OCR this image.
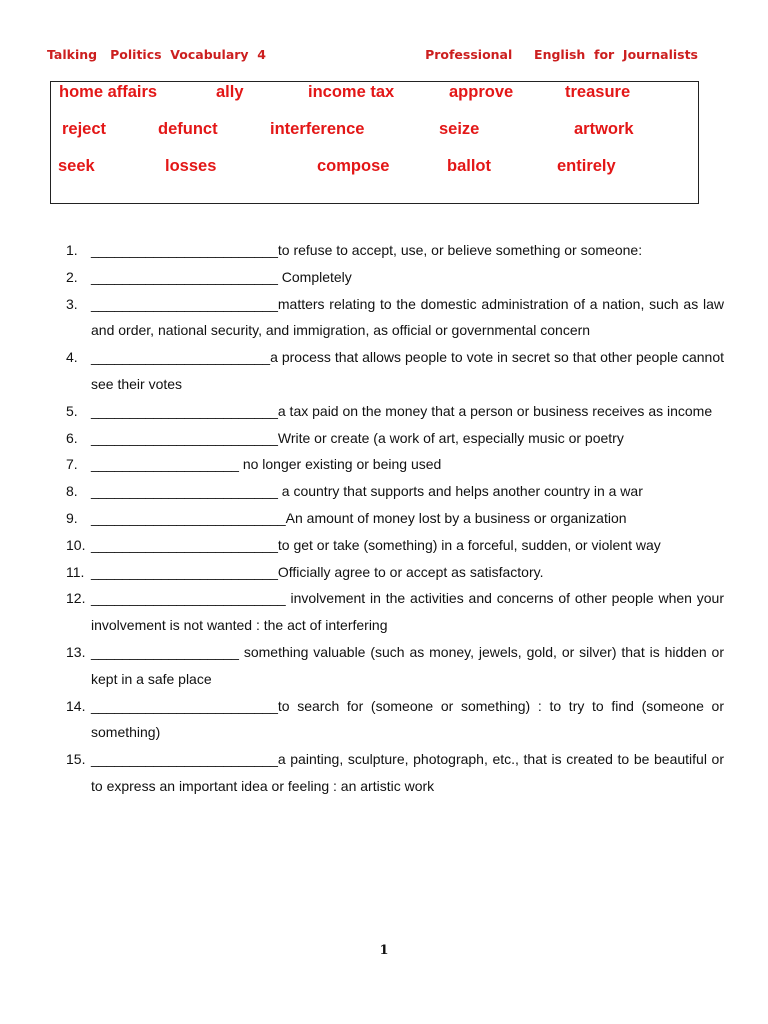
Talking   Politics  Vocabulary  4	Professional     English  for  Journalists
home affairs	ally	income tax	approve	treasure
reject	defunct	interference	seize	artwork
seek	losses	compose	ballot	entirely
1. ________________________to refuse to accept, use, or believe something or someone:
2. ________________________ Completely
3. ________________________matters relating to the domestic administration of a nation, such as law and order, national security, and immigration, as official or governmental concern
4. _______________________a process that allows people to vote in secret so that other people cannot see their votes
5. ________________________a tax paid on the money that a person or business receives as income
6. ________________________Write or create (a work of art, especially music or poetry
7. ___________________ no longer existing or being used
8. ________________________ a country that supports and helps another country in a war
9. _________________________An amount of money lost by a business or organization
10. ________________________to get or take (something) in a forceful, sudden, or violent way
11. ________________________Officially agree to or accept as satisfactory.
12. _________________________ involvement in the activities and concerns of other people when your involvement is not wanted : the act of interfering
13. ___________________ something valuable (such as money, jewels, gold, or silver) that is hidden or kept in a safe place
14. ________________________to search for (someone or something) : to try to find (someone or something)
15. ________________________a painting, sculpture, photograph, etc., that is created to be beautiful or to express an important idea or feeling : an artistic work
1
